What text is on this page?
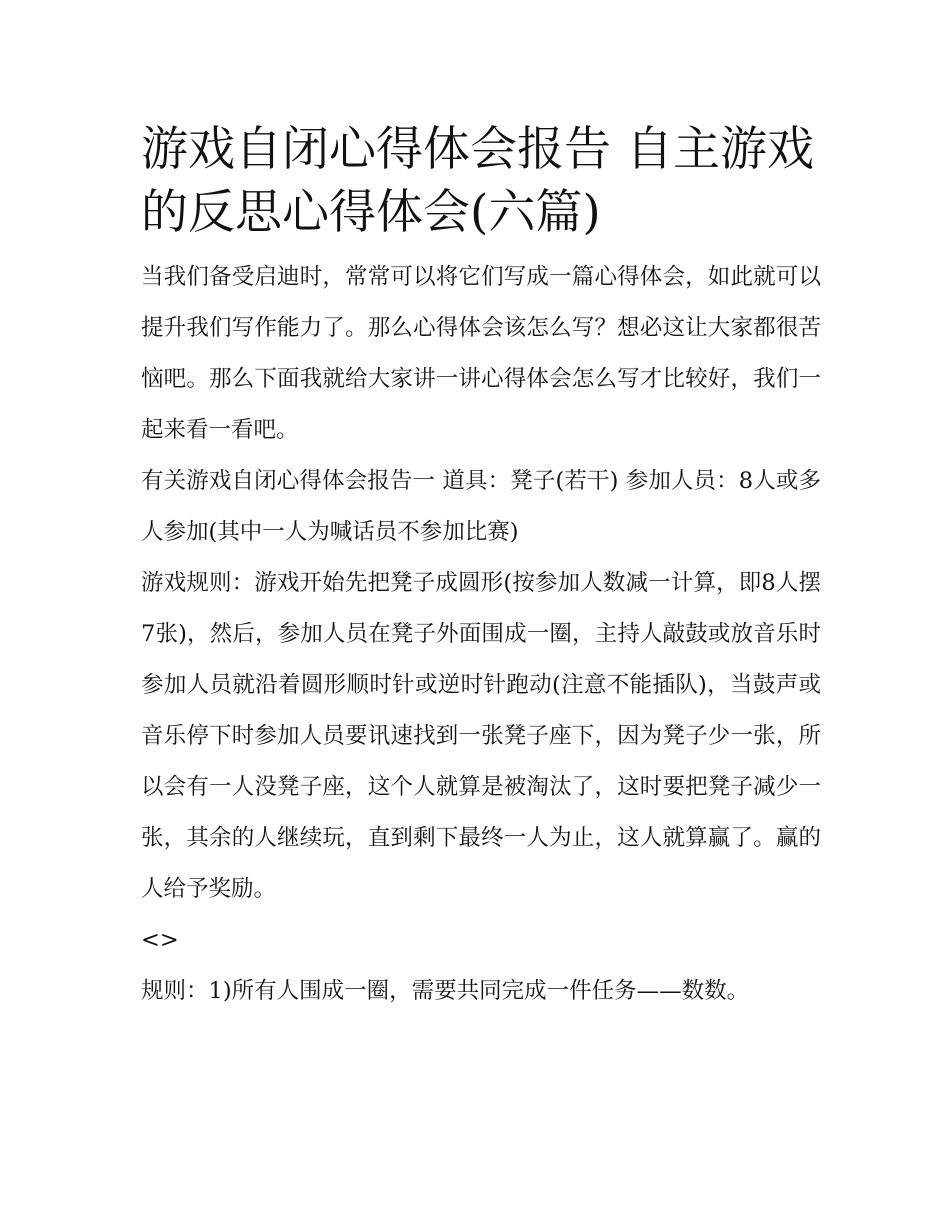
游戏自闭心得体会报告 自主游戏的反思心得体会(六篇)

当我们备受启迪时，常常可以将它们写成一篇心得体会，如此就可以提升我们写作能力了。那么心得体会该怎么写？想必这让大家都很苦恼吧。那么下面我就给大家讲一讲心得体会怎么写才比较好，我们一起来看一看吧。

有关游戏自闭心得体会报告一 道具：凳子(若干) 参加人员：8人或多人参加(其中一人为喊话员不参加比赛)

游戏规则：游戏开始先把凳子成圆形(按参加人数减一计算，即8人摆7张)，然后，参加人员在凳子外面围成一圈，主持人敲鼓或放音乐时参加人员就沿着圆形顺时针或逆时针跑动(注意不能插队)，当鼓声或音乐停下时参加人员要讯速找到一张凳子座下，因为凳子少一张，所以会有一人没凳子座，这个人就算是被淘汰了，这时要把凳子减少一张，其余的人继续玩，直到剩下最终一人为止，这人就算赢了。赢的人给予奖励。

<>

规则：1)所有人围成一圈，需要共同完成一件任务——数数。
